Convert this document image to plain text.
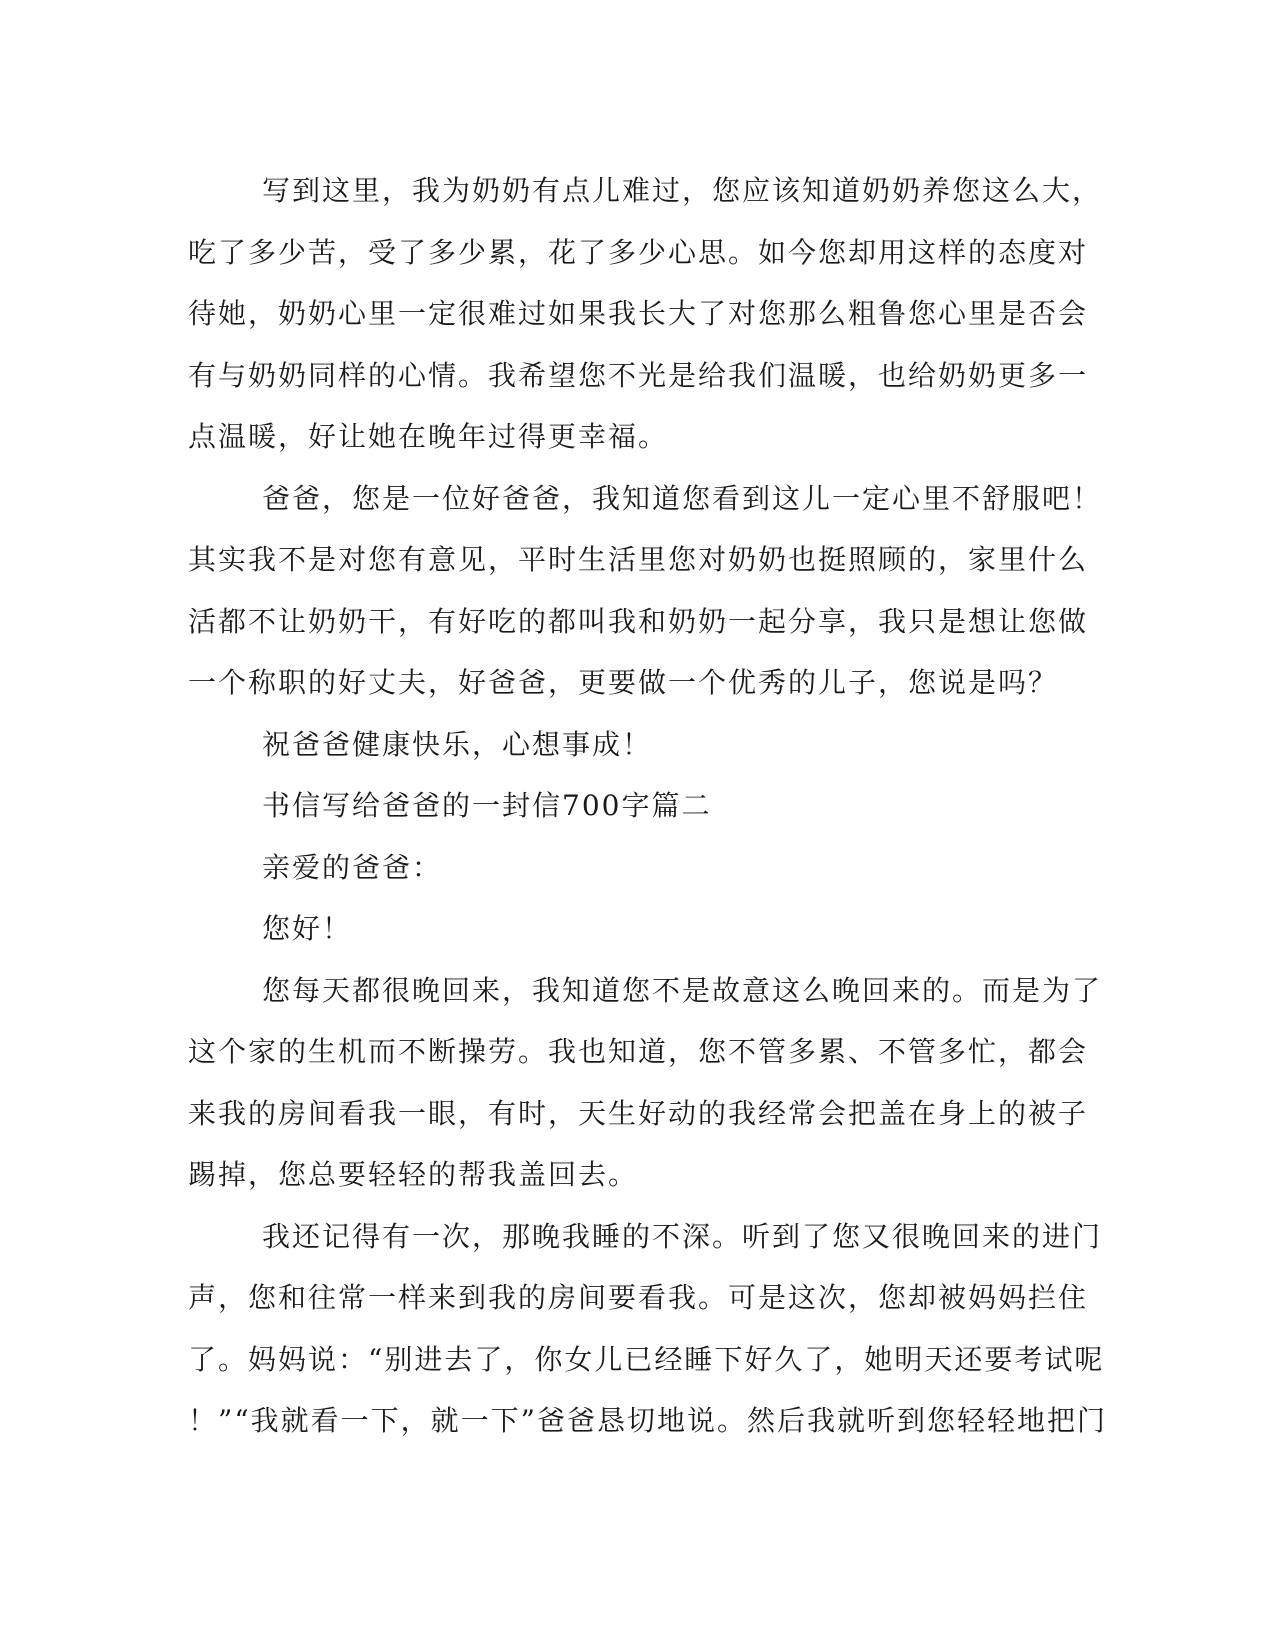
写到这里，我为奶奶有点儿难过，您应该知道奶奶养您这么大，

吃了多少苦，受了多少累，花了多少心思。如今您却用这样的态度对

待她，奶奶心里一定很难过如果我长大了对您那么粗鲁您心里是否会

有与奶奶同样的心情。我希望您不光是给我们温暖，也给奶奶更多一

点温暖，好让她在晚年过得更幸福。

爸爸，您是一位好爸爸，我知道您看到这儿一定心里不舒服吧！

其实我不是对您有意见，平时生活里您对奶奶也挺照顾的，家里什么

活都不让奶奶干，有好吃的都叫我和奶奶一起分享，我只是想让您做

一个称职的好丈夫，好爸爸，更要做一个优秀的儿子，您说是吗？

祝爸爸健康快乐，心想事成！

书信写给爸爸的一封信700字篇二

亲爱的爸爸：

您好！

您每天都很晚回来，我知道您不是故意这么晚回来的。而是为了

这个家的生机而不断操劳。我也知道，您不管多累、不管多忙，都会

来我的房间看我一眼，有时，天生好动的我经常会把盖在身上的被子

踢掉，您总要轻轻的帮我盖回去。

我还记得有一次，那晚我睡的不深。听到了您又很晚回来的进门

声，您和往常一样来到我的房间要看我。可是这次，您却被妈妈拦住

了。妈妈说：“别进去了，你女儿已经睡下好久了，她明天还要考试呢

！”“我就看一下，就一下”爸爸恳切地说。然后我就听到您轻轻地把门
